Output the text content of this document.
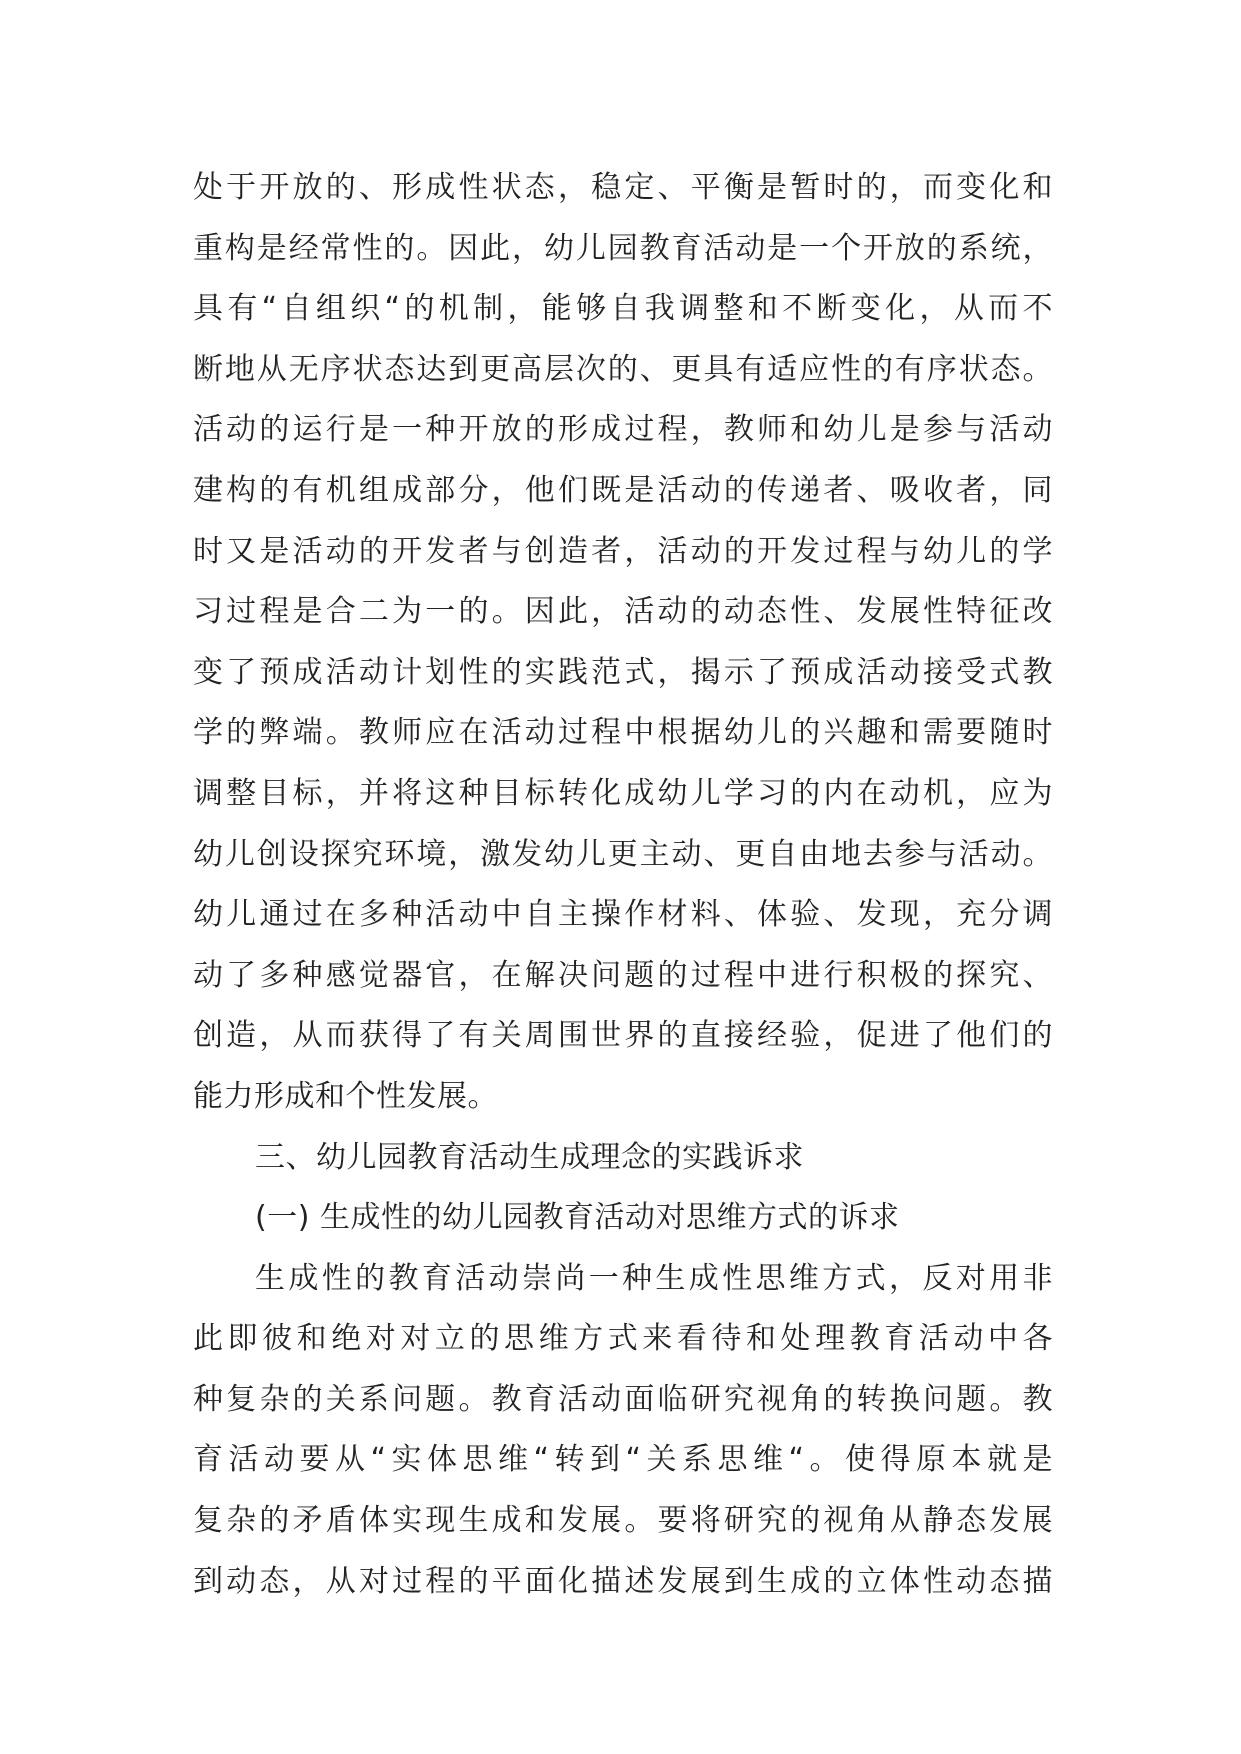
处于开放的、形成性状态，稳定、平衡是暂时的，而变化和
重构是经常性的。因此，幼儿园教育活动是一个开放的系统，
具有“自组织“的机制，能够自我调整和不断变化，从而不
断地从无序状态达到更高层次的、更具有适应性的有序状态。
活动的运行是一种开放的形成过程，教师和幼儿是参与活动
建构的有机组成部分，他们既是活动的传递者、吸收者，同
时又是活动的开发者与创造者，活动的开发过程与幼儿的学
习过程是合二为一的。因此，活动的动态性、发展性特征改
变了预成活动计划性的实践范式，揭示了预成活动接受式教
学的弊端。教师应在活动过程中根据幼儿的兴趣和需要随时
调整目标，并将这种目标转化成幼儿学习的内在动机，应为
幼儿创设探究环境，激发幼儿更主动、更自由地去参与活动。
幼儿通过在多种活动中自主操作材料、体验、发现，充分调
动了多种感觉器官，在解决问题的过程中进行积极的探究、
创造，从而获得了有关周围世界的直接经验，促进了他们的
能力形成和个性发展。
三、幼儿园教育活动生成理念的实践诉求
(一) 生成性的幼儿园教育活动对思维方式的诉求
生成性的教育活动崇尚一种生成性思维方式，反对用非
此即彼和绝对对立的思维方式来看待和处理教育活动中各
种复杂的关系问题。教育活动面临研究视角的转换问题。教
育活动要从“实体思维“转到“关系思维“。使得原本就是
复杂的矛盾体实现生成和发展。要将研究的视角从静态发展
到动态，从对过程的平面化描述发展到生成的立体性动态描
